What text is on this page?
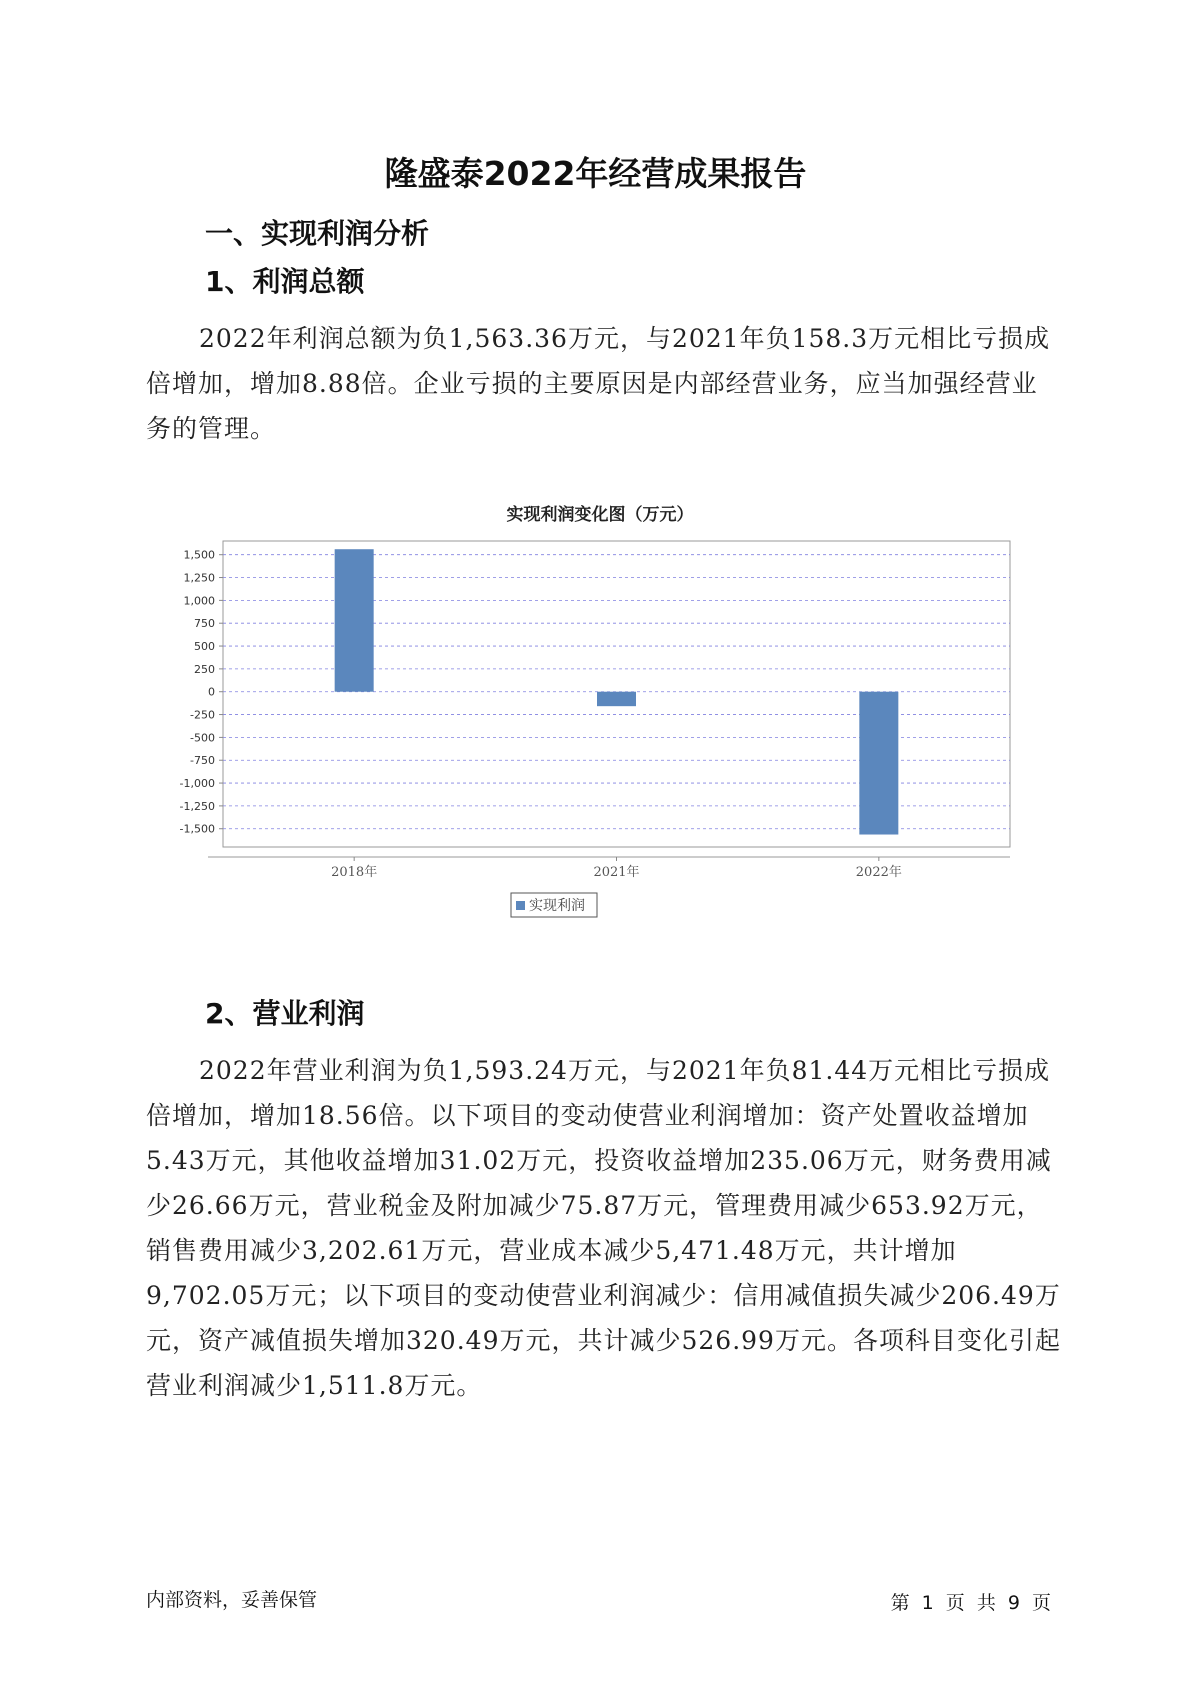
隆盛泰2022年经营成果报告
一、实现利润分析
1、利润总额

2022年利润总额为负1,563.36万元，与2021年负158.3万元相比亏损成倍增加，增加8.88倍。企业亏损的主要原因是内部经营业务，应当加强经营业务的管理。

实现利润变化图（万元）
1,500
1,250
1,000
750
500
250
0
-250
-500
-750
-1,000
-1,250
-1,500
2018年	2021年	2022年
实现利润
2、营业利润

2022年营业利润为负1,593.24万元，与2021年负81.44万元相比亏损成倍增加，增加18.56倍。以下项目的变动使营业利润增加：资产处置收益增加5.43万元，其他收益增加31.02万元，投资收益增加235.06万元，财务费用减少26.66万元，营业税金及附加减少75.87万元，管理费用减少653.92万元，销售费用减少3,202.61万元，营业成本减少5,471.48万元，共计增加9,702.05万元；以下项目的变动使营业利润减少：信用减值损失减少206.49万元，资产减值损失增加320.49万元，共计减少526.99万元。各项科目变化引起营业利润减少1,511.8万元。

内部资料，妥善保管	第 1 页 共 9 页
